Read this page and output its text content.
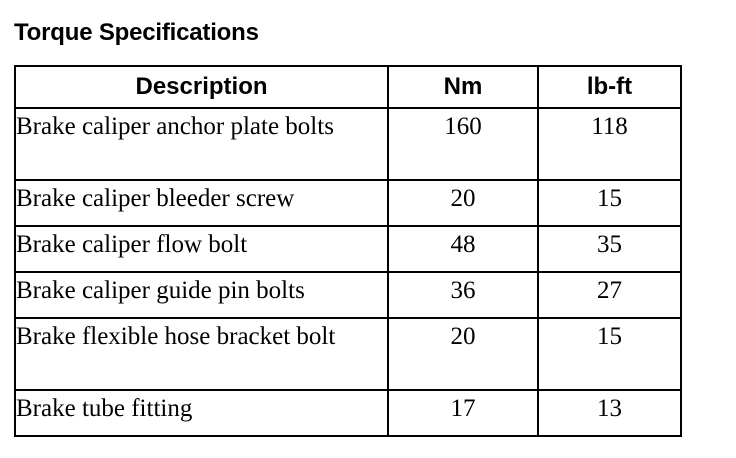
Torque Specifications
Description	Nm	lb-ft
Brake caliper anchor plate bolts	160	118
Brake caliper bleeder screw	20	15
Brake caliper flow bolt	48	35
Brake caliper guide pin bolts	36	27
Brake flexible hose bracket bolt	20	15
Brake tube fitting	17	13
